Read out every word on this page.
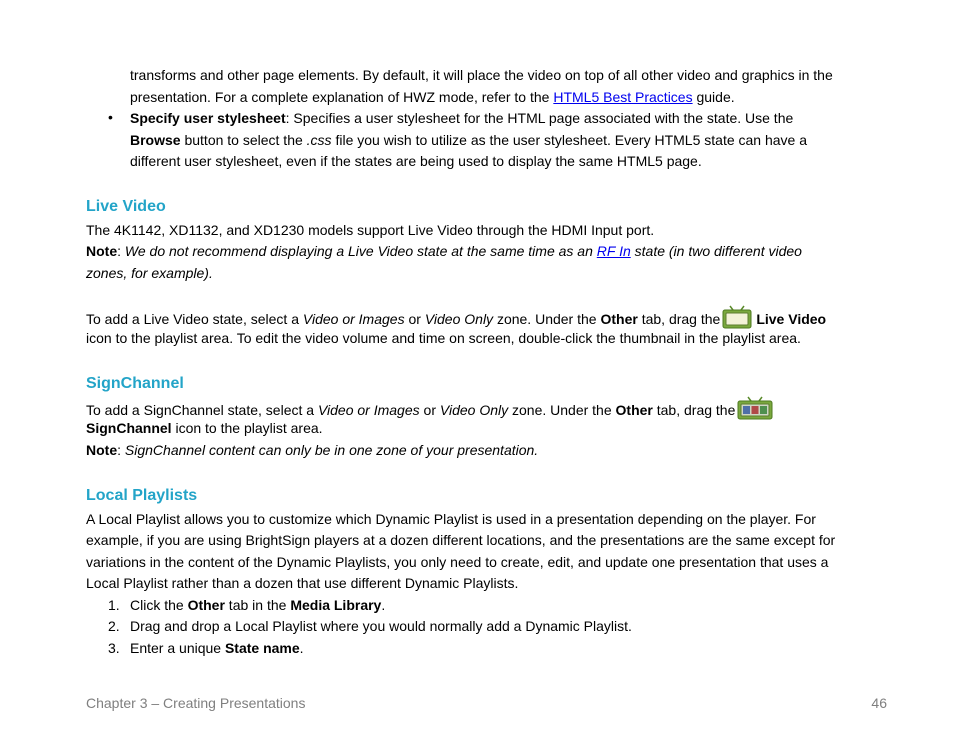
transforms and other page elements. By default, it will place the video on top of all other video and graphics in the

presentation. For a complete explanation of HWZ mode, refer to the HTML5 Best Practices guide.

• Specify user stylesheet: Specifies a user stylesheet for the HTML page associated with the state. Use the

Browse button to select the .css file you wish to utilize as the user stylesheet. Every HTML5 state can have a

different user stylesheet, even if the states are being used to display the same HTML5 page.

Live Video

The 4K1142, XD1132, and XD1230 models support Live Video through the HDMI Input port.

Note: We do not recommend displaying a Live Video state at the same time as an RF In state (in two different video

zones, for example).

To add a Live Video state, select a Video or Images or Video Only zone. Under the Other tab, drag the	Live Video

icon to the playlist area. To edit the video volume and time on screen, double-click the thumbnail in the playlist area.

SignChannel

To add a SignChannel state, select a Video or Images or Video Only zone. Under the Other tab, drag the

SignChannel icon to the playlist area.

Note: SignChannel content can only be in one zone of your presentation.

Local Playlists

A Local Playlist allows you to customize which Dynamic Playlist is used in a presentation depending on the player. For

example, if you are using BrightSign players at a dozen different locations, and the presentations are the same except for

variations in the content of the Dynamic Playlists, you only need to create, edit, and update one presentation that uses a

Local Playlist rather than a dozen that use different Dynamic Playlists.

1. Click the Other tab in the Media Library.

2. Drag and drop a Local Playlist where you would normally add a Dynamic Playlist.

3. Enter a unique State name.

Chapter 3 – Creating Presentations	46
